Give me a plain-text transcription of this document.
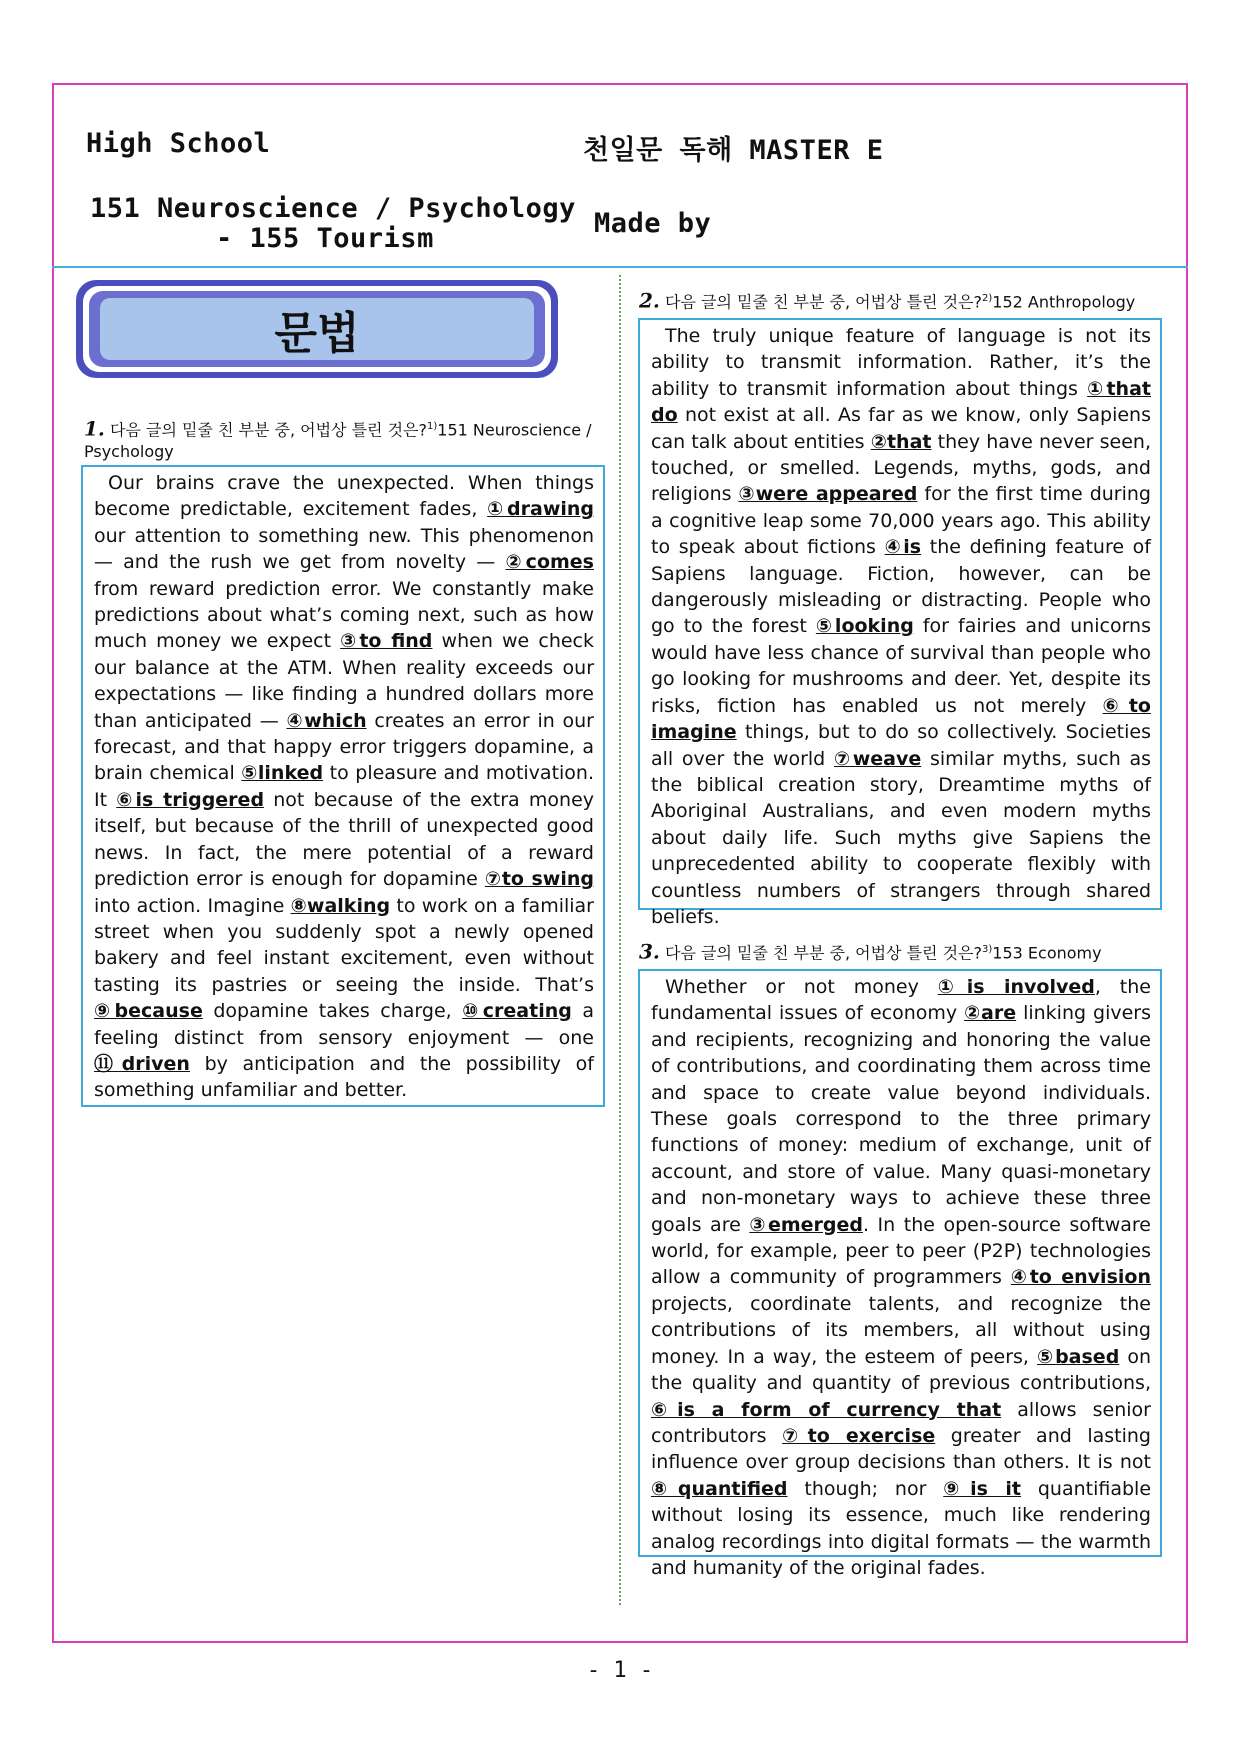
High School	천일문 독해 MASTER E
151 Neuroscience / Psychology
- 155 Tourism	Made by
문법
1. 다음 글의 밑줄 친 부분 중, 어법상 틀린 것은?$^{1)}$151 Neuroscience / Psychology

Our brains crave the unexpected. When things become predictable, excitement fades, ①drawing our attention to something new. This phenomenon — and the rush we get from novelty — ②comes from reward prediction error. We constantly make predictions about what’s coming next, such as how much money we expect ③to find when we check our balance at the ATM. When reality exceeds our expectations — like finding a hundred dollars more than anticipated — ④which creates an error in our forecast, and that happy error triggers dopamine, a brain chemical ⑤linked to pleasure and motivation. It ⑥is triggered not because of the extra money itself, but because of the thrill of unexpected good news. In fact, the mere potential of a reward prediction error is enough for dopamine ⑦to swing into action. Imagine ⑧walking to work on a familiar street when you suddenly spot a newly opened bakery and feel instant excitement, even without tasting its pastries or seeing the inside. That’s ⑨because dopamine takes charge, ⑩creating a feeling distinct from sensory enjoyment — one ⑪driven by anticipation and the possibility of something unfamiliar and better.

2. 다음 글의 밑줄 친 부분 중, 어법상 틀린 것은?$^{2)}$152 Anthropology

The truly unique feature of language is not its ability to transmit information. Rather, it’s the ability to transmit information about things ①that do not exist at all. As far as we know, only Sapiens can talk about entities ②that they have never seen, touched, or smelled. Legends, myths, gods, and religions ③were appeared for the first time during a cognitive leap some 70,000 years ago. This ability to speak about fictions ④is the defining feature of Sapiens language. Fiction, however, can be dangerously misleading or distracting. People who go to the forest ⑤looking for fairies and unicorns would have less chance of survival than people who go looking for mushrooms and deer. Yet, despite its risks, fiction has enabled us not merely ⑥to imagine things, but to do so collectively. Societies all over the world ⑦weave similar myths, such as the biblical creation story, Dreamtime myths of Aboriginal Australians, and even modern myths about daily life. Such myths give Sapiens the unprecedented ability to cooperate flexibly with countless numbers of strangers through shared beliefs.

3. 다음 글의 밑줄 친 부분 중, 어법상 틀린 것은?$^{3)}$153 Economy

Whether or not money ①is involved, the fundamental issues of economy ②are linking givers and recipients, recognizing and honoring the value of contributions, and coordinating them across time and space to create value beyond individuals. These goals correspond to the three primary functions of money: medium of exchange, unit of account, and store of value. Many quasi-monetary and non-monetary ways to achieve these three goals are ③emerged. In the open-source software world, for example, peer to peer (P2P) technologies allow a community of programmers ④to envision projects, coordinate talents, and recognize the contributions of its members, all without using money. In a way, the esteem of peers, ⑤based on the quality and quantity of previous contributions, ⑥is a form of currency that allows senior contributors ⑦to exercise greater and lasting influence over group decisions than others. It is not ⑧quantified though; nor ⑨is it quantifiable without losing its essence, much like rendering analog recordings into digital formats — the warmth and humanity of the original fades.

- 1 -
